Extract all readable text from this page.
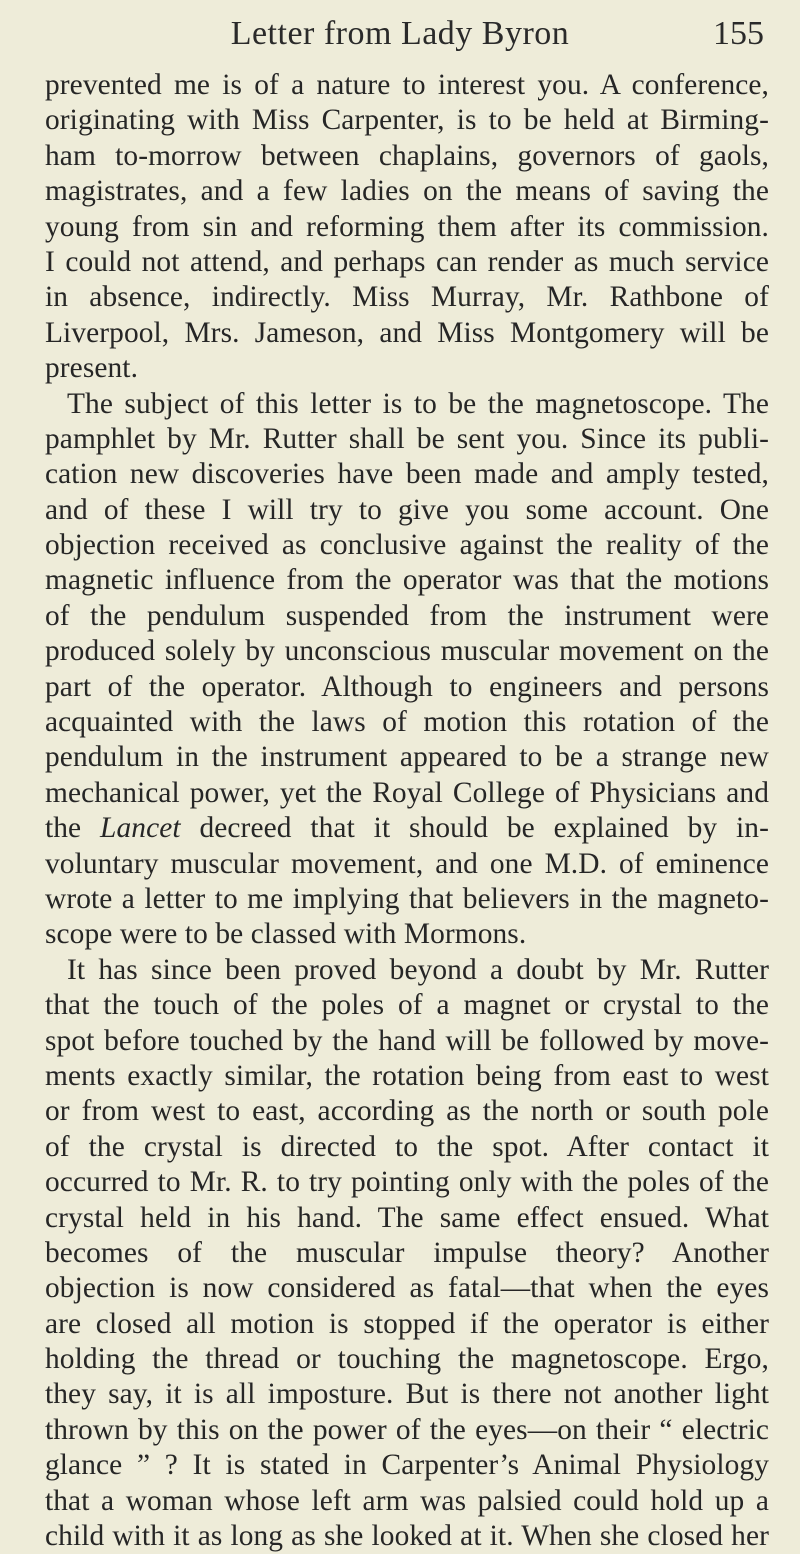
Letter from Lady Byron	155
prevented me is of a nature to interest you. A conference,
originating with Miss Carpenter, is to be held at Birming-
ham to-morrow between chaplains, governors of gaols,
magistrates, and a few ladies on the means of saving the
young from sin and reforming them after its commission.
I could not attend, and perhaps can render as much service
in absence, indirectly. Miss Murray, Mr. Rathbone of
Liverpool, Mrs. Jameson, and Miss Montgomery will be
present.
The subject of this letter is to be the magnetoscope. The
pamphlet by Mr. Rutter shall be sent you. Since its publi-
cation new discoveries have been made and amply tested,
and of these I will try to give you some account. One
objection received as conclusive against the reality of the
magnetic influence from the operator was that the motions
of the pendulum suspended from the instrument were
produced solely by unconscious muscular movement on the
part of the operator. Although to engineers and persons
acquainted with the laws of motion this rotation of the
pendulum in the instrument appeared to be a strange new
mechanical power, yet the Royal College of Physicians and
the Lancet decreed that it should be explained by in-
voluntary muscular movement, and one M.D. of eminence
wrote a letter to me implying that believers in the magneto-
scope were to be classed with Mormons.
It has since been proved beyond a doubt by Mr. Rutter
that the touch of the poles of a magnet or crystal to the
spot before touched by the hand will be followed by move-
ments exactly similar, the rotation being from east to west
or from west to east, according as the north or south pole
of the crystal is directed to the spot. After contact it
occurred to Mr. R. to try pointing only with the poles of the
crystal held in his hand. The same effect ensued. What
becomes of the muscular impulse theory? Another
objection is now considered as fatal—that when the eyes
are closed all motion is stopped if the operator is either
holding the thread or touching the magnetoscope. Ergo,
they say, it is all imposture. But is there not another light
thrown by this on the power of the eyes—on their “ electric
glance ” ? It is stated in Carpenter’s Animal Physiology
that a woman whose left arm was palsied could hold up a
child with it as long as she looked at it. When she closed her
